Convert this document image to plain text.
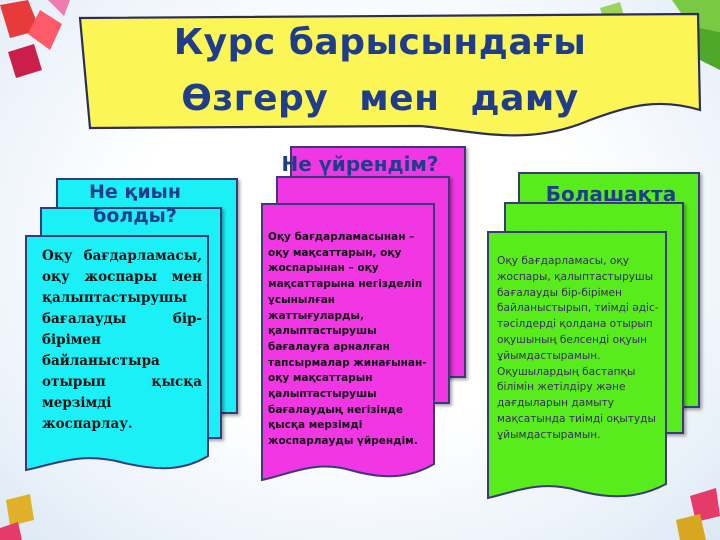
Курс барысындағы
Өзгеру мен даму
Не қиын болды?
Оқу бағдарламасы, оқу жоспары мен қалыптастырушы бағалауды бір-бірімен байланыстыра отырып қысқа мерзімді жоспарлау.
Не үйрендім?
Оқу бағдарламасынан – оқу мақсаттарын, оқу жоспарынан – оқу мақсаттарына негізделіп ұсынылған жаттығуларды, қалыптастырушы бағалауға арналған тапсырмалар жинағынан- оқу мақсаттарын қалыптастырушы бағалаудың негізінде қысқа мерзімді жоспарлауды үйрендім.
Болашақта
Оқу бағдарламасы, оқу жоспары, қалыптастырушы бағалауды бір-бірімен байланыстырып, тиімді әдіс-тәсілдерді қолдана отырып оқушының белсенді оқуын ұйымдастырамын. Оқушылардың бастапқы білімін жетілдіру және дағдыларын дамыту мақсатында тиімді оқытуды ұйымдастырамын.
